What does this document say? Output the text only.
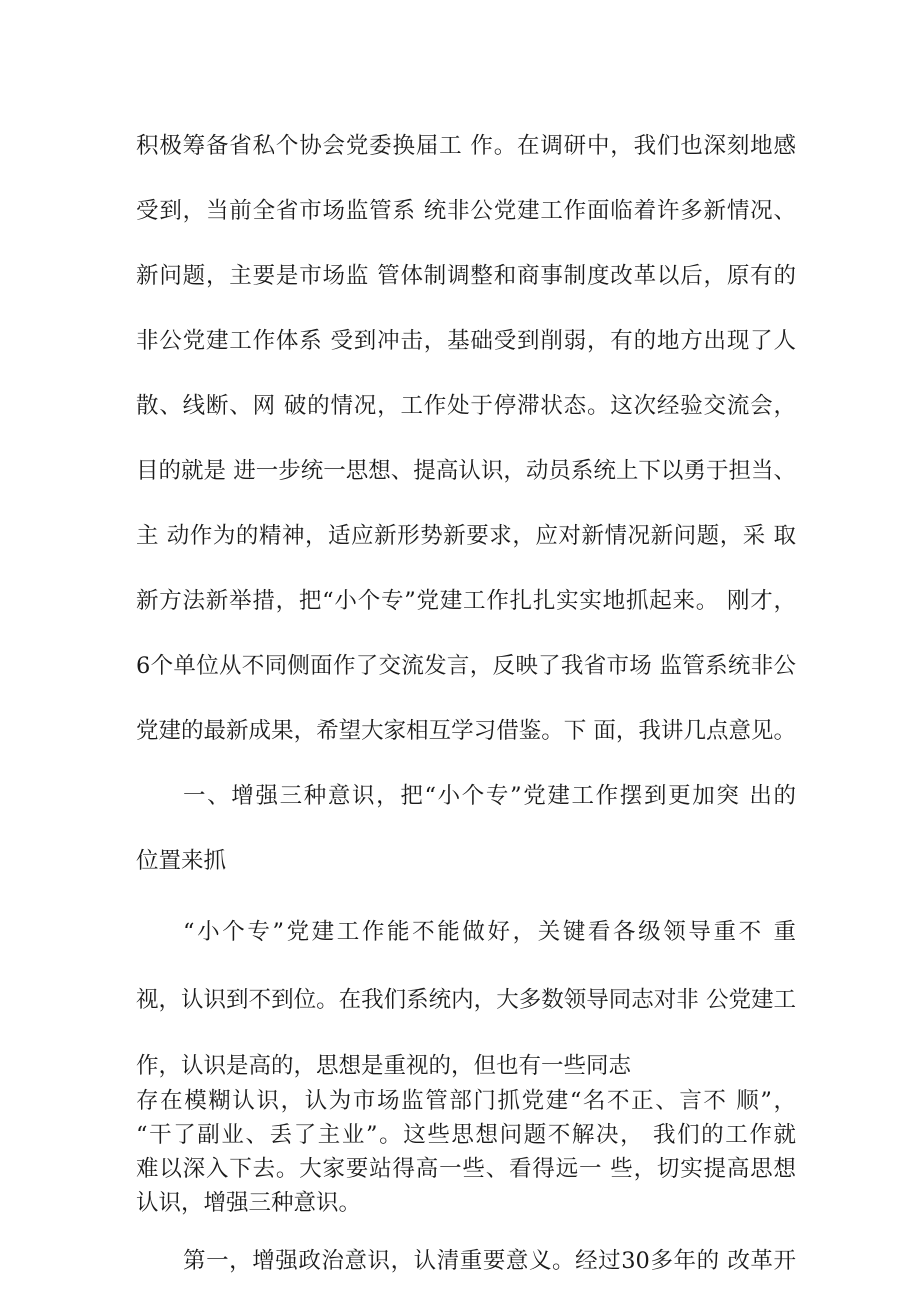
积极筹备省私个协会党委换届工 作。在调研中，我们也深刻地感
受到，当前全省市场监管系 统非公党建工作面临着许多新情况、
新问题，主要是市场监 管体制调整和商事制度改革以后，原有的
非公党建工作体系 受到冲击，基础受到削弱，有的地方出现了人
散、线断、网 破的情况，工作处于停滞状态。这次经验交流会，
目的就是 进一步统一思想、提高认识，动员系统上下以勇于担当、
主 动作为的精神，适应新形势新要求，应对新情况新问题，采 取
新方法新举措，把“小个专”党建工作扎扎实实地抓起来。 刚才，
6个单位从不同侧面作了交流发言，反映了我省市场 监管系统非公
党建的最新成果，希望大家相互学习借鉴。下 面，我讲几点意见。
一、增强三种意识，把“小个专”党建工作摆到更加突 出的
位置来抓
“小个专”党建工作能不能做好，关键看各级领导重不 重
视，认识到不到位。在我们系统内，大多数领导同志对非 公党建工
作，认识是高的，思想是重视的，但也有一些同志
存在模糊认识，认为市场监管部门抓党建“名不正、言不 顺”，
“干了副业、丢了主业”。这些思想问题不解决， 我们的工作就
难以深入下去。大家要站得高一些、看得远一 些，切实提高思想
认识，增强三种意识。
第一，增强政治意识，认清重要意义。经过30多年的 改革开
